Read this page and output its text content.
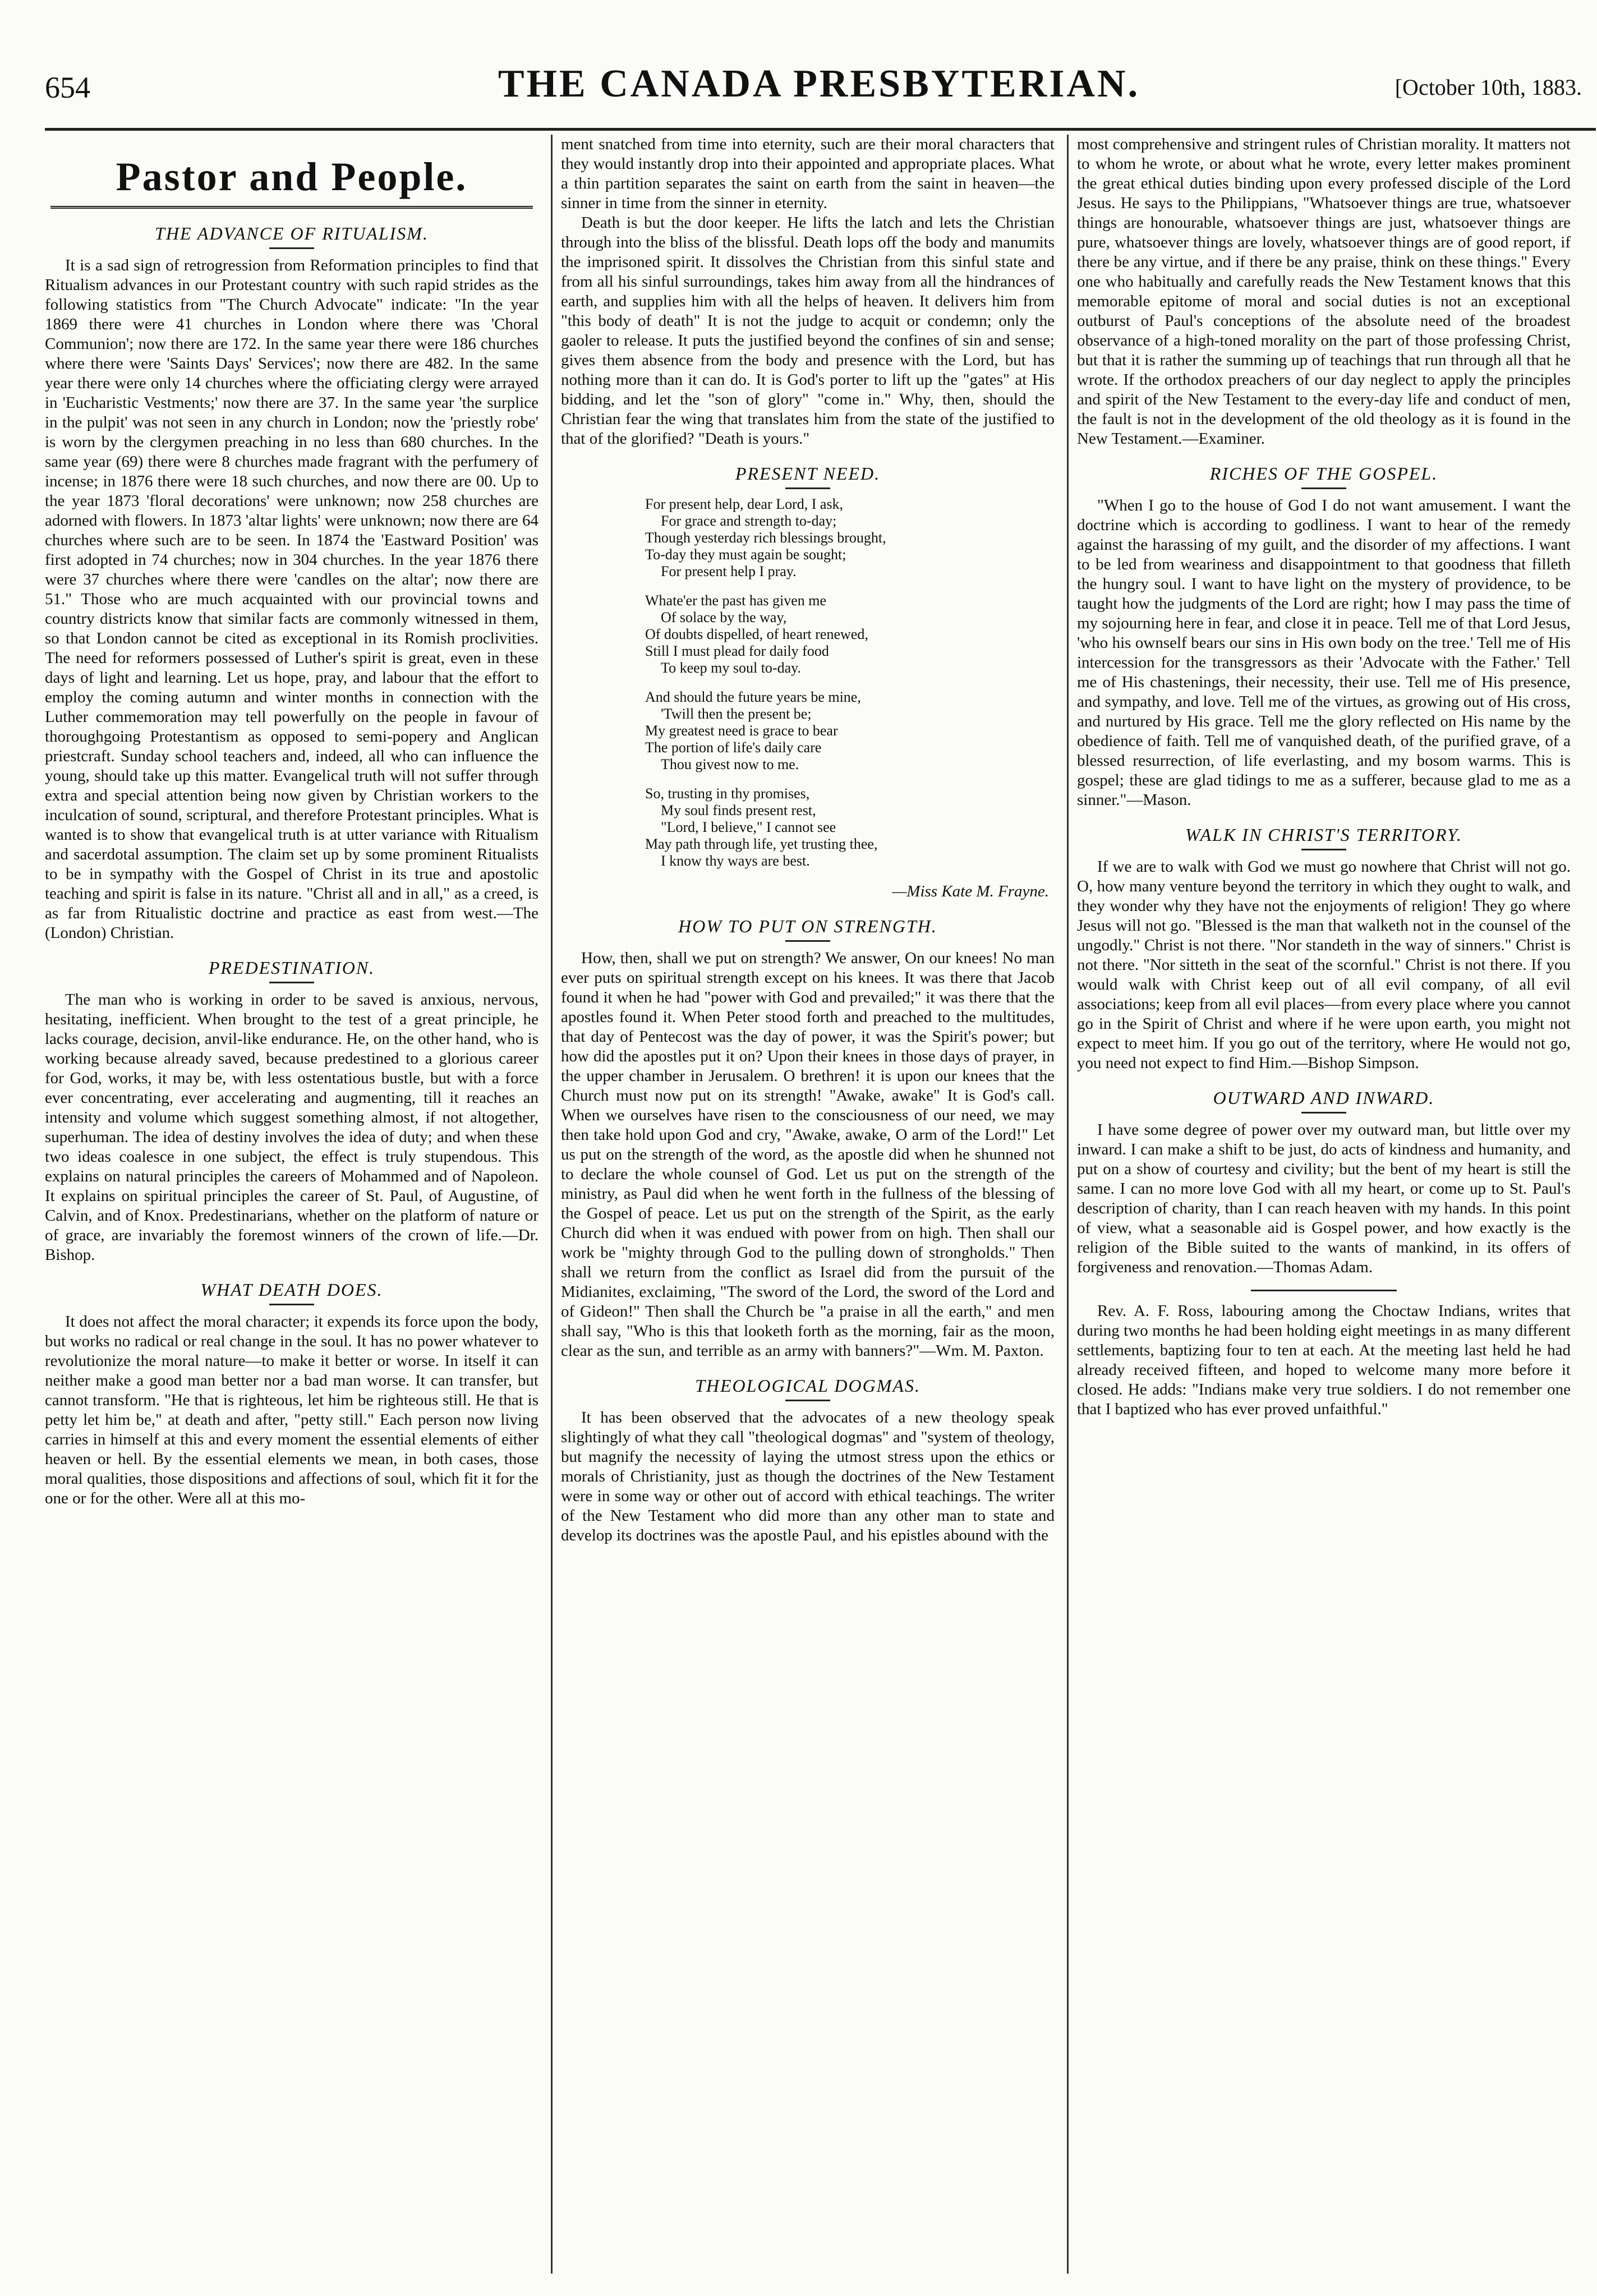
654	THE CANADA PRESBYTERIAN.	[October 10th, 1883.
Pastor and People.
THE ADVANCE OF RITUALISM.

It is a sad sign of retrogression from Reformation principles to find that Ritualism advances in our Protestant country with such rapid strides as the following statistics from "The Church Advocate" indicate: "In the year 1869 there were 41 churches in London where there was 'Choral Communion'; now there are 172. In the same year there were 186 churches where there were 'Saints Days' Services'; now there are 482. In the same year there were only 14 churches where the officiating clergy were arrayed in 'Eucharistic Vestments;' now there are 37. In the same year 'the surplice in the pulpit' was not seen in any church in London; now the 'priestly robe' is worn by the clergymen preaching in no less than 680 churches. In the same year (69) there were 8 churches made fragrant with the perfumery of incense; in 1876 there were 18 such churches, and now there are 00. Up to the year 1873 'floral decorations' were unknown; now 258 churches are adorned with flowers. In 1873 'altar lights' were unknown; now there are 64 churches where such are to be seen. In 1874 the 'Eastward Position' was first adopted in 74 churches; now in 304 churches. In the year 1876 there were 37 churches where there were 'candles on the altar'; now there are 51." Those who are much acquainted with our provincial towns and country districts know that similar facts are commonly witnessed in them, so that London cannot be cited as exceptional in its Romish proclivities. The need for reformers possessed of Luther's spirit is great, even in these days of light and learning. Let us hope, pray, and labour that the effort to employ the coming autumn and winter months in connection with the Luther commemoration may tell powerfully on the people in favour of thoroughgoing Protestantism as opposed to semi-popery and Anglican priestcraft. Sunday school teachers and, indeed, all who can influence the young, should take up this matter. Evangelical truth will not suffer through extra and special attention being now given by Christian workers to the inculcation of sound, scriptural, and therefore Protestant principles. What is wanted is to show that evangelical truth is at utter variance with Ritualism and sacerdotal assumption. The claim set up by some prominent Ritualists to be in sympathy with the Gospel of Christ in its true and apostolic teaching and spirit is false in its nature. "Christ all and in all," as a creed, is as far from Ritualistic doctrine and practice as east from west.—The (London) Christian.

PREDESTINATION.

The man who is working in order to be saved is anxious, nervous, hesitating, inefficient. When brought to the test of a great principle, he lacks courage, decision, anvil-like endurance. He, on the other hand, who is working because already saved, because predestined to a glorious career for God, works, it may be, with less ostentatious bustle, but with a force ever concentrating, ever accelerating and augmenting, till it reaches an intensity and volume which suggest something almost, if not altogether, superhuman. The idea of destiny involves the idea of duty; and when these two ideas coalesce in one subject, the effect is truly stupendous. This explains on natural principles the careers of Mohammed and of Napoleon. It explains on spiritual principles the career of St. Paul, of Augustine, of Calvin, and of Knox. Predestinarians, whether on the platform of nature or of grace, are invariably the foremost winners of the crown of life.—Dr. Bishop.

WHAT DEATH DOES.

It does not affect the moral character; it expends its force upon the body, but works no radical or real change in the soul. It has no power whatever to revolutionize the moral nature—to make it better or worse. In itself it can neither make a good man better nor a bad man worse. It can transfer, but cannot transform. "He that is righteous, let him be righteous still. He that is petty let him be," at death and after, "petty still." Each person now living carries in himself at this and every moment the essential elements of either heaven or hell. By the essential elements we mean, in both cases, those moral qualities, those dispositions and affections of soul, which fit it for the one or for the other. Were all at this mo-

ment snatched from time into eternity, such are their moral characters that they would instantly drop into their appointed and appropriate places. What a thin partition separates the saint on earth from the saint in heaven—the sinner in time from the sinner in eternity.

Death is but the door keeper. He lifts the latch and lets the Christian through into the bliss of the blissful. Death lops off the body and manumits the imprisoned spirit. It dissolves the Christian from this sinful state and from all his sinful surroundings, takes him away from all the hindrances of earth, and supplies him with all the helps of heaven. It delivers him from "this body of death" It is not the judge to acquit or condemn; only the gaoler to release. It puts the justified beyond the confines of sin and sense; gives them absence from the body and presence with the Lord, but has nothing more than it can do. It is God's porter to lift up the "gates" at His bidding, and let the "son of glory" "come in." Why, then, should the Christian fear the wing that translates him from the state of the justified to that of the glorified? "Death is yours."

PRESENT NEED.
For present help, dear Lord, I ask,
For grace and strength to-day;
Though yesterday rich blessings brought,
To-day they must again be sought;
For present help I pray.
Whate'er the past has given me
Of solace by the way,
Of doubts dispelled, of heart renewed,
Still I must plead for daily food
To keep my soul to-day.
And should the future years be mine,
'Twill then the present be;
My greatest need is grace to bear
The portion of life's daily care
Thou givest now to me.
So, trusting in thy promises,
My soul finds present rest,
"Lord, I believe," I cannot see
May path through life, yet trusting thee,
I know thy ways are best.
—Miss Kate M. Frayne.
HOW TO PUT ON STRENGTH.

How, then, shall we put on strength? We answer, On our knees! No man ever puts on spiritual strength except on his knees. It was there that Jacob found it when he had "power with God and prevailed;" it was there that the apostles found it. When Peter stood forth and preached to the multitudes, that day of Pentecost was the day of power, it was the Spirit's power; but how did the apostles put it on? Upon their knees in those days of prayer, in the upper chamber in Jerusalem. O brethren! it is upon our knees that the Church must now put on its strength! "Awake, awake" It is God's call. When we ourselves have risen to the consciousness of our need, we may then take hold upon God and cry, "Awake, awake, O arm of the Lord!" Let us put on the strength of the word, as the apostle did when he shunned not to declare the whole counsel of God. Let us put on the strength of the ministry, as Paul did when he went forth in the fullness of the blessing of the Gospel of peace. Let us put on the strength of the Spirit, as the early Church did when it was endued with power from on high. Then shall our work be "mighty through God to the pulling down of strongholds." Then shall we return from the conflict as Israel did from the pursuit of the Midianites, exclaiming, "The sword of the Lord, the sword of the Lord and of Gideon!" Then shall the Church be "a praise in all the earth," and men shall say, "Who is this that looketh forth as the morning, fair as the moon, clear as the sun, and terrible as an army with banners?"—Wm. M. Paxton.

THEOLOGICAL DOGMAS.

It has been observed that the advocates of a new theology speak slightingly of what they call "theological dogmas" and "system of theology, but magnify the necessity of laying the utmost stress upon the ethics or morals of Christianity, just as though the doctrines of the New Testament were in some way or other out of accord with ethical teachings. The writer of the New Testament who did more than any other man to state and develop its doctrines was the apostle Paul, and his epistles abound with the

most comprehensive and stringent rules of Christian morality. It matters not to whom he wrote, or about what he wrote, every letter makes prominent the great ethical duties binding upon every professed disciple of the Lord Jesus. He says to the Philippians, "Whatsoever things are true, whatsoever things are honourable, whatsoever things are just, whatsoever things are pure, whatsoever things are lovely, whatsoever things are of good report, if there be any virtue, and if there be any praise, think on these things." Every one who habitually and carefully reads the New Testament knows that this memorable epitome of moral and social duties is not an exceptional outburst of Paul's conceptions of the absolute need of the broadest observance of a high-toned morality on the part of those professing Christ, but that it is rather the summing up of teachings that run through all that he wrote. If the orthodox preachers of our day neglect to apply the principles and spirit of the New Testament to the every-day life and conduct of men, the fault is not in the development of the old theology as it is found in the New Testament.—Examiner.

RICHES OF THE GOSPEL.

"When I go to the house of God I do not want amusement. I want the doctrine which is according to godliness. I want to hear of the remedy against the harassing of my guilt, and the disorder of my affections. I want to be led from weariness and disappointment to that goodness that filleth the hungry soul. I want to have light on the mystery of providence, to be taught how the judgments of the Lord are right; how I may pass the time of my sojourning here in fear, and close it in peace. Tell me of that Lord Jesus, 'who his ownself bears our sins in His own body on the tree.' Tell me of His intercession for the transgressors as their 'Advocate with the Father.' Tell me of His chastenings, their necessity, their use. Tell me of His presence, and sympathy, and love. Tell me of the virtues, as growing out of His cross, and nurtured by His grace. Tell me the glory reflected on His name by the obedience of faith. Tell me of vanquished death, of the purified grave, of a blessed resurrection, of life everlasting, and my bosom warms. This is gospel; these are glad tidings to me as a sufferer, because glad to me as a sinner."—Mason.

WALK IN CHRIST'S TERRITORY.

If we are to walk with God we must go nowhere that Christ will not go. O, how many venture beyond the territory in which they ought to walk, and they wonder why they have not the enjoyments of religion! They go where Jesus will not go. "Blessed is the man that walketh not in the counsel of the ungodly." Christ is not there. "Nor standeth in the way of sinners." Christ is not there. "Nor sitteth in the seat of the scornful." Christ is not there. If you would walk with Christ keep out of all evil company, of all evil associations; keep from all evil places—from every place where you cannot go in the Spirit of Christ and where if he were upon earth, you might not expect to meet him. If you go out of the territory, where He would not go, you need not expect to find Him.—Bishop Simpson.

OUTWARD AND INWARD.

I have some degree of power over my outward man, but little over my inward. I can make a shift to be just, do acts of kindness and humanity, and put on a show of courtesy and civility; but the bent of my heart is still the same. I can no more love God with all my heart, or come up to St. Paul's description of charity, than I can reach heaven with my hands. In this point of view, what a seasonable aid is Gospel power, and how exactly is the religion of the Bible suited to the wants of mankind, in its offers of forgiveness and renovation.—Thomas Adam.

Rev. A. F. Ross, labouring among the Choctaw Indians, writes that during two months he had been holding eight meetings in as many different settlements, baptizing four to ten at each. At the meeting last held he had already received fifteen, and hoped to welcome many more before it closed. He adds: "Indians make very true soldiers. I do not remember one that I baptized who has ever proved unfaithful."
